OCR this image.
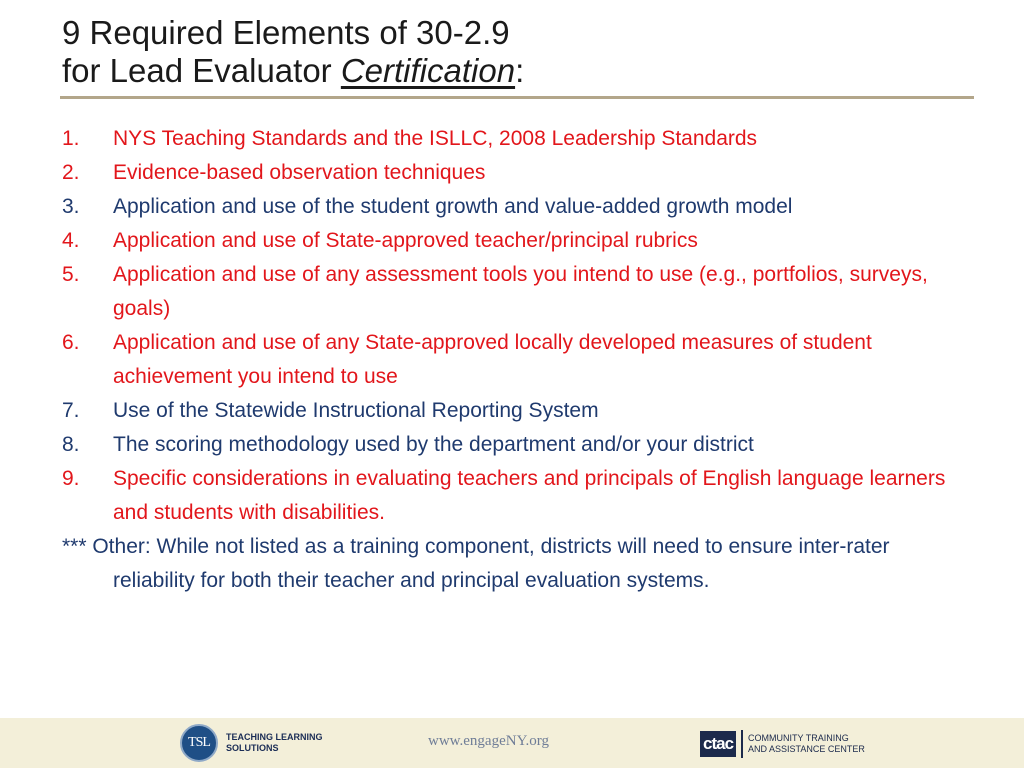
9 Required Elements of 30-2.9
for Lead Evaluator Certification:
1. NYS Teaching Standards and the ISLLC, 2008 Leadership Standards
2. Evidence-based observation techniques
3. Application and use of the student growth and value-added growth model
4. Application and use of State-approved teacher/principal rubrics
5. Application and use of any assessment tools you intend to use (e.g., portfolios, surveys, goals)
6. Application and use of any State-approved locally developed measures of student achievement you intend to use
7. Use of the Statewide Instructional Reporting System
8. The scoring methodology used by the department and/or your district
9. Specific considerations in evaluating teachers and principals of English language learners and students with disabilities.
*** Other: While not listed as a training component, districts will need to ensure inter-rater reliability for both their teacher and principal evaluation systems.
TSL	TEACHING LEARNING
SOLUTIONS	www.engageNY.org	ctac	COMMUNITY TRAINING
AND ASSISTANCE CENTER
